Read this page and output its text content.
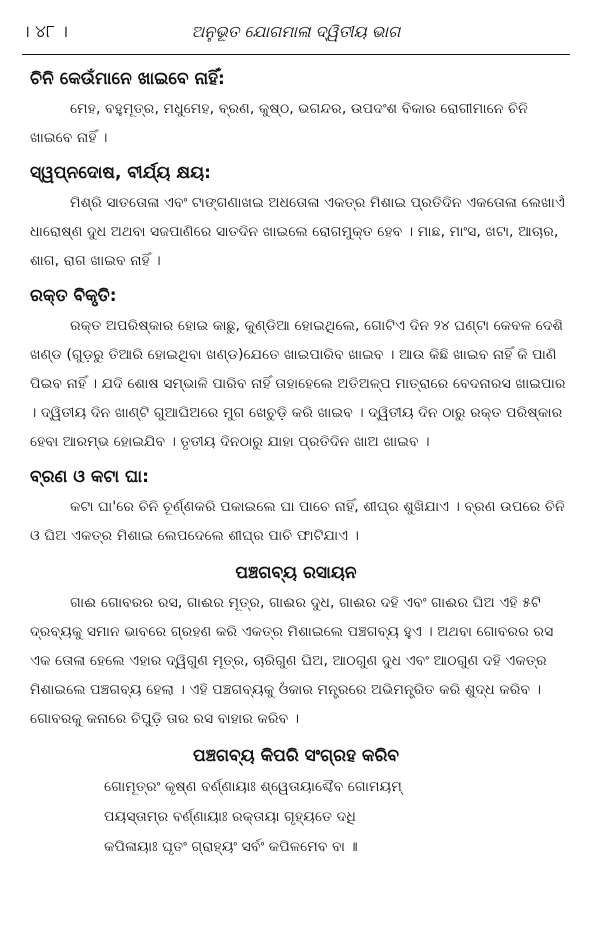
। ୪୮ ।	ଅନୁଭୂତ ଯୋଗମାଳା ଦ୍ୱିତୀୟ ଭାଗ
ଚିନି କେଉଁମାନେ ଖାଇବେ ନାହିଁ:

ମେହ, ବହୁମୂତ୍ର, ମଧୁମେହ, ବ୍ରଣ, କୁଷ୍ଠ, ଭଗନ୍ଦର, ଉପଦଂଶ ବିକାର ରୋଗୀମାନେ ଚିନି ଖାଇବେ ନାହିଁ ।

ସ୍ୱପ୍ନଦୋଷ, ବୀର୍ଯ୍ୟ କ୍ଷୟ:

ମିଶ୍ରି ସାତତୋଳା ଏବଂ ଟାଙ୍ଗଣାଖଇ ଅଧତୋଳା ଏକତ୍ର ମିଶାଇ ପ୍ରତିଦିନ ଏକତୋଳା ଲେଖାଏଁ ଧାରୋଷ୍ଣ ଦୁଧ ଅଥବା ସଜପାଣିରେ ସାତଦିନ ଖାଇଲେ ରୋଗମୁକ୍ତ ହେବ । ମାଛ, ମାଂସ, ଖଟା, ଆଚାର, ଶାଗ, ରାଗ ଖାଇବ ନାହିଁ ।

ରକ୍ତ ବିକୃତି:

ରକ୍ତ ଅପରିଷ୍କାର ହୋଇ କାଛୁ, କୁଣ୍ଡିଆ ହୋଇଥିଲେ, ଗୋଟିଏ ଦିନ ୨୪ ଘଣ୍ଟା କେବଳ ଦେଶି ଖଣ୍ଡ (ଗୁଡ଼ରୁ ତିଆରି ହୋଇଥିବା ଖଣ୍ଡ)ଯେତେ ଖାଇପାରିବ ଖାଇବ । ଆଉ କିଛି ଖାଇବ ନାହିଁ କି ପାଣି ପିଇବ ନାହିଁ । ଯଦି ଶୋଷ ସମ୍ଭାଳି ପାରିବ ନାହିଁ ତାହାହେଲେ ଅତିଅଳ୍ପ ମାତ୍ରାରେ ବେଦନାରସ ଖାଇପାର । ଦ୍ୱିତୀୟ ଦିନ ଖାଣ୍ଟି ଗୁଆଘିଅରେ ମୁଗ ଖେଚୁଡ଼ି କରି ଖାଇବ । ଦ୍ୱିତୀୟ ଦିନ ଠାରୁ ରକ୍ତ ପରିଷ୍କାର ହେବା ଆରମ୍ଭ ହୋଇଯିବ । ତୃତୀୟ ଦିନଠାରୁ ଯାହା ପ୍ରତିଦିନ ଖାଅ ଖାଇବ ।

ବ୍ରଣ ଓ କଟା ଘା:

କଟା ଘା'ରେ ଚିନି ଚୂର୍ଣ୍ଣକରି ପକାଇଲେ ଘା ପାଚେ ନାହିଁ, ଶୀଘ୍ର ଶୁଖିଯାଏ । ବ୍ରଣ ଉପରେ ଚିନି ଓ ଘିଅ ଏକତ୍ର ମିଶାଇ ଲେପଦେଲେ ଶୀଘ୍ର ପାଚି ଫାଟିଯାଏ ।

ପଞ୍ଚଗବ୍ୟ ରସାୟନ

ଗାଈ ଗୋବରର ରସ, ଗାଈର ମୂତ୍ର, ଗାଈର ଦୁଧ, ଗାଈର ଦହି ଏବଂ ଗାଈର ଘିଅ ଏହି ୫ଟି ଦ୍ରବ୍ୟକୁ ସମାନ ଭାବରେ ଗ୍ରହଣ କରି ଏକତ୍ର ମିଶାଇଲେ ପଞ୍ଚଗବ୍ୟ ହୁଏ । ଅଥବା ଗୋବରର ରସ ଏକ ତୋଳା ହେଲେ ଏହାର ଦ୍ୱିଗୁଣ ମୂତ୍ର, ଚାରିଗୁଣ ଘିଅ, ଆଠଗୁଣ ଦୁଧ ଏବଂ ଆଠଗୁଣ ଦହି ଏକତ୍ର ମିଶାଇଲେ ପଞ୍ଚଗବ୍ୟ ହେଲା । ଏହି ପଞ୍ଚଗବ୍ୟକୁ ଓଁକାର ମନ୍ତ୍ରରେ ଅଭିମନ୍ତ୍ରିତ କରି ଶୁଦ୍ଧ କରିବ । ଗୋବରକୁ କନାରେ ଚିପୁଡ଼ି ତାର ରସ ବାହାର କରିବ ।

ପଞ୍ଚଗବ୍ୟ କିପରି ସଂଗ୍ରହ କରିବ
ଗୋମୂତ୍ରଂ କୃଷ୍ଣ ବର୍ଣ୍ଣାୟାଃ ଶ୍ୱେତାୟାଶ୍ଚୈବ ଗୋମୟମ୍
ପୟସ୍ତାମ୍ର ବର୍ଣ୍ଣାୟାଃ ରକ୍ତାୟା ଗୃହ୍ୟତେ ଦଧି
କପିଳାୟାଃ ଘୃତଂ ଗ୍ରାହ୍ୟଂ ସର୍ବଂ କପିଳମେବ ବା ॥
